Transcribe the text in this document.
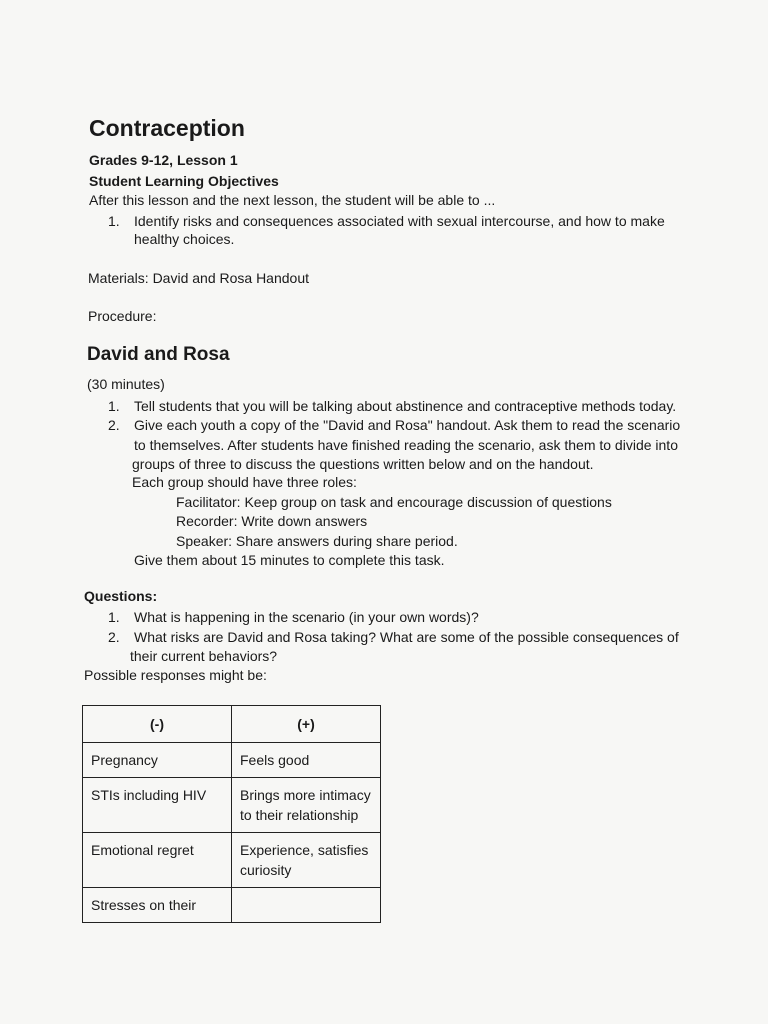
Contraception
Grades 9-12, Lesson 1
Student Learning Objectives
After this lesson and the next lesson, the student will be able to ...
1. Identify risks and consequences associated with sexual intercourse, and how to make
healthy choices.
Materials: David and Rosa Handout
Procedure:
David and Rosa
(30 minutes)
1. Tell students that you will be talking about abstinence and contraceptive methods today.
2. Give each youth a copy of the "David and Rosa" handout. Ask them to read the scenario
to themselves. After students have finished reading the scenario, ask them to divide into
groups of three to discuss the questions written below and on the handout.
Each group should have three roles:
Facilitator: Keep group on task and encourage discussion of questions
Recorder: Write down answers
Speaker: Share answers during share period.
Give them about 15 minutes to complete this task.
Questions:
1. What is happening in the scenario (in your own words)?
2. What risks are David and Rosa taking? What are some of the possible consequences of
their current behaviors?
Possible responses might be:
(-)	(+)
Pregnancy	Feels good
STIs including HIV	Brings more intimacy
to their relationship
Emotional regret	Experience, satisfies
curiosity
Stresses on their	
